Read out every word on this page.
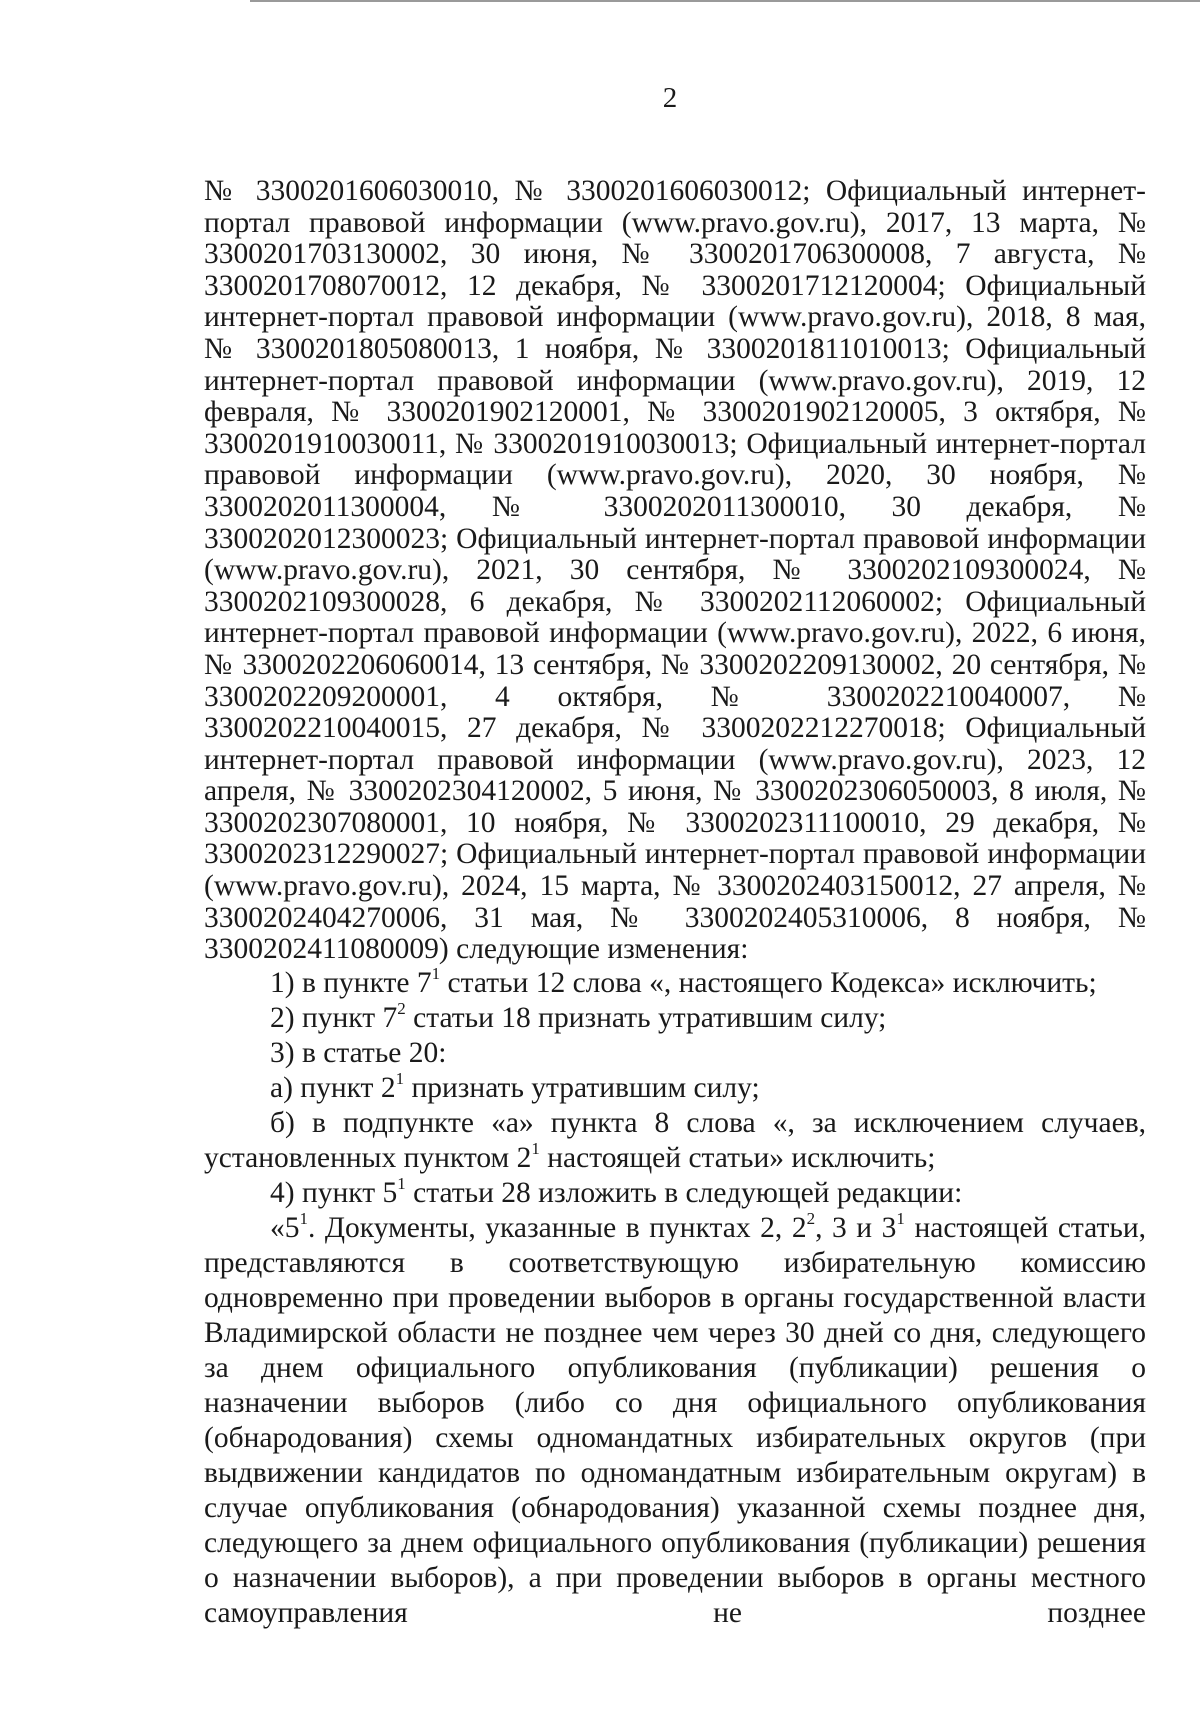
2

№ 3300201606030010, № 3300201606030012; Официальный интернет-портал правовой информации (www.pravo.gov.ru), 2017, 13 марта, № 3300201703130002, 30 июня, № 3300201706300008, 7 августа, № 3300201708070012, 12 декабря, № 3300201712120004; Официальный интернет-портал правовой информации (www.pravo.gov.ru), 2018, 8 мая, № 3300201805080013, 1 ноября, № 3300201811010013; Официальный интернет-портал правовой информации (www.pravo.gov.ru), 2019, 12 февраля, № 3300201902120001, № 3300201902120005, 3 октября, № 3300201910030011, № 3300201910030013; Официальный интернет-портал правовой информации (www.pravo.gov.ru), 2020, 30 ноября, № 3300202011300004, № 3300202011300010, 30 декабря, № 3300202012300023; Официальный интернет-портал правовой информации (www.pravo.gov.ru), 2021, 30 сентября, № 3300202109300024, № 3300202109300028, 6 декабря, № 3300202112060002; Официальный интернет-портал правовой информации (www.pravo.gov.ru), 2022, 6 июня, № 3300202206060014, 13 сентября, № 3300202209130002, 20 сентября, № 3300202209200001, 4 октября, № 3300202210040007, № 3300202210040015, 27 декабря, № 3300202212270018; Официальный интернет-портал правовой информации (www.pravo.gov.ru), 2023, 12 апреля, № 3300202304120002, 5 июня, № 3300202306050003, 8 июля, № 3300202307080001, 10 ноября, № 3300202311100010, 29 декабря, № 3300202312290027; Официальный интернет-портал правовой информации (www.pravo.gov.ru), 2024, 15 марта, № 3300202403150012, 27 апреля, № 3300202404270006, 31 мая, № 3300202405310006, 8 ноября, № 3300202411080009) следующие изменения:

1) в пункте $7^1$ статьи 12 слова «, настоящего Кодекса» исключить;

2) пункт $7^2$ статьи 18 признать утратившим силу;

3) в статье 20:

а) пункт $2^1$ признать утратившим силу;

б) в подпункте «а» пункта 8 слова «, за исключением случаев, установленных пунктом $2^1$ настоящей статьи» исключить;

4) пункт $5^1$ статьи 28 изложить в следующей редакции:

«$5^1$. Документы, указанные в пунктах 2, $2^2$, 3 и $3^1$ настоящей статьи, представляются в соответствующую избирательную комиссию одновременно при проведении выборов в органы государственной власти Владимирской области не позднее чем через 30 дней со дня, следующего за днем официального опубликования (публикации) решения о назначении выборов (либо со дня официального опубликования (обнародования) схемы одномандатных избирательных округов (при выдвижении кандидатов по одномандатным избирательным округам) в случае опубликования (обнародования) указанной схемы позднее дня, следующего за днем официального опубликования (публикации) решения о назначении выборов), а при проведении выборов в органы местного самоуправления не позднее
